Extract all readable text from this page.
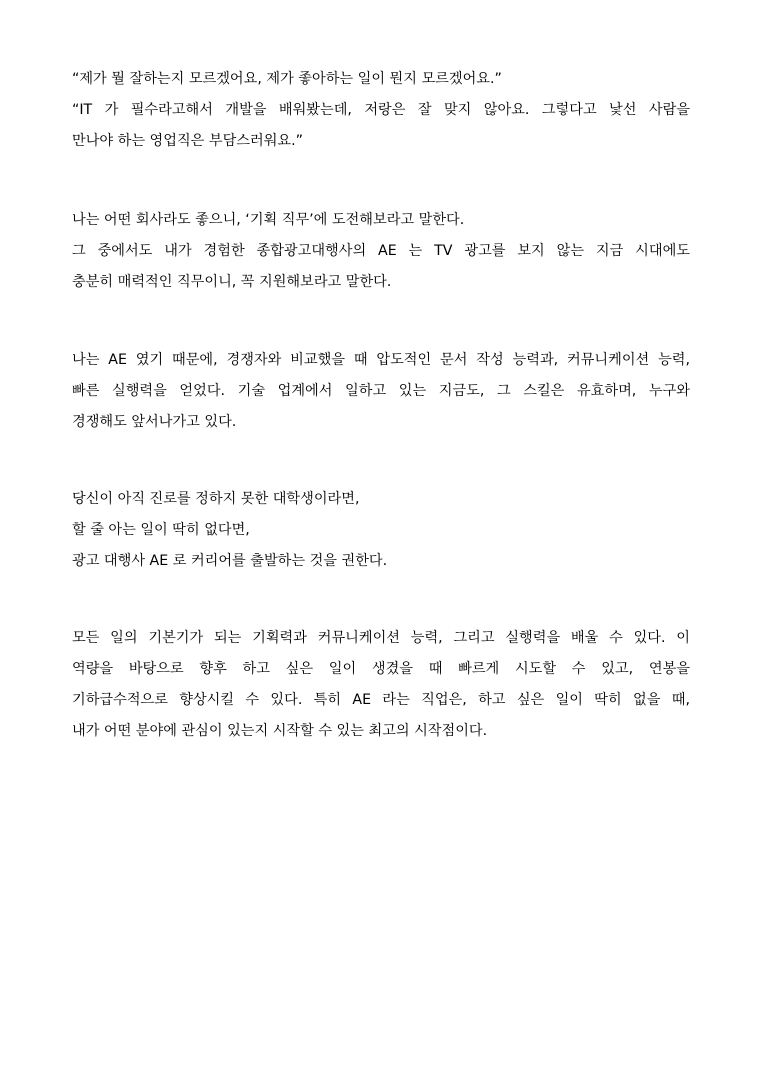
“제가 뭘 잘하는지 모르겠어요, 제가 좋아하는 일이 뭔지 모르겠어요.”
“IT 가 필수라고해서 개발을 배워봤는데, 저랑은 잘 맞지 않아요. 그렇다고 낯선 사람을
만나야 하는 영업직은 부담스러워요.”
나는 어떤 회사라도 좋으니, ‘기획 직무’에 도전해보라고 말한다.
그 중에서도 내가 경험한 종합광고대행사의 AE 는 TV 광고를 보지 않는 지금 시대에도
충분히 매력적인 직무이니, 꼭 지원해보라고 말한다.
나는 AE 였기 때문에, 경쟁자와 비교했을 때 압도적인 문서 작성 능력과, 커뮤니케이션 능력,
빠른 실행력을 얻었다. 기술 업계에서 일하고 있는 지금도, 그 스킬은 유효하며, 누구와
경쟁해도 앞서나가고 있다.
당신이 아직 진로를 정하지 못한 대학생이라면,
할 줄 아는 일이 딱히 없다면,
광고 대행사 AE 로 커리어를 출발하는 것을 권한다.
모든 일의 기본기가 되는 기획력과 커뮤니케이션 능력, 그리고 실행력을 배울 수 있다. 이
역량을 바탕으로 향후 하고 싶은 일이 생겼을 때 빠르게 시도할 수 있고, 연봉을
기하급수적으로 향상시킬 수 있다. 특히 AE 라는 직업은, 하고 싶은 일이 딱히 없을 때,
내가 어떤 분야에 관심이 있는지 시작할 수 있는 최고의 시작점이다.
